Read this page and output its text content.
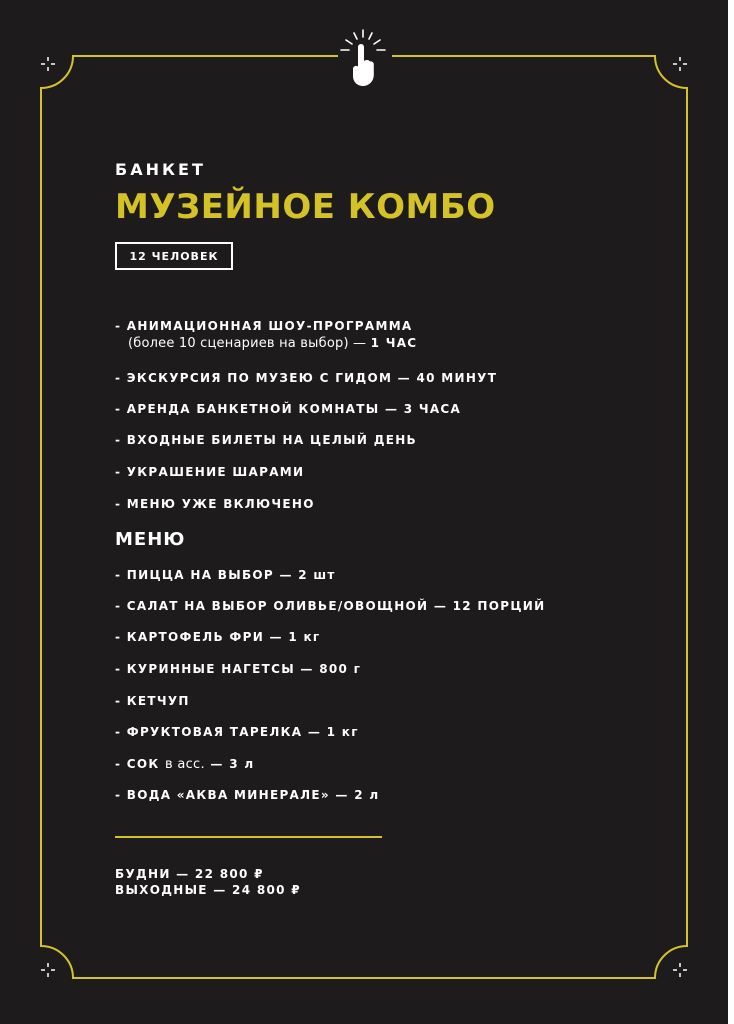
БАНКЕТ
МУЗЕЙНОЕ КОМБО
12 ЧЕЛОВЕК
- АНИМАЦИОННАЯ ШОУ-ПРОГРАММА
(более 10 сценариев на выбор) — 1 ЧАС
- ЭКСКУРСИЯ ПО МУЗЕЮ С ГИДОМ — 40 МИНУТ
- АРЕНДА БАНКЕТНОЙ КОМНАТЫ — 3 ЧАСА
- ВХОДНЫЕ БИЛЕТЫ НА ЦЕЛЫЙ ДЕНЬ
- УКРАШЕНИЕ ШАРАМИ
- МЕНЮ УЖЕ ВКЛЮЧЕНО
МЕНЮ
- ПИЦЦА НА ВЫБОР — 2 шт
- САЛАТ НА ВЫБОР ОЛИВЬЕ/ОВОЩНОЙ — 12 ПОРЦИЙ
- КАРТОФЕЛЬ ФРИ — 1 кг
- КУРИННЫЕ НАГЕТСЫ — 800 г
- КЕТЧУП
- ФРУКТОВАЯ ТАРЕЛКА — 1 кг
- СОК в асс. — 3 л
- ВОДА «АКВА МИНЕРАЛЕ» — 2 л
БУДНИ — 22 800 ₽
ВЫХОДНЫЕ — 24 800 ₽
